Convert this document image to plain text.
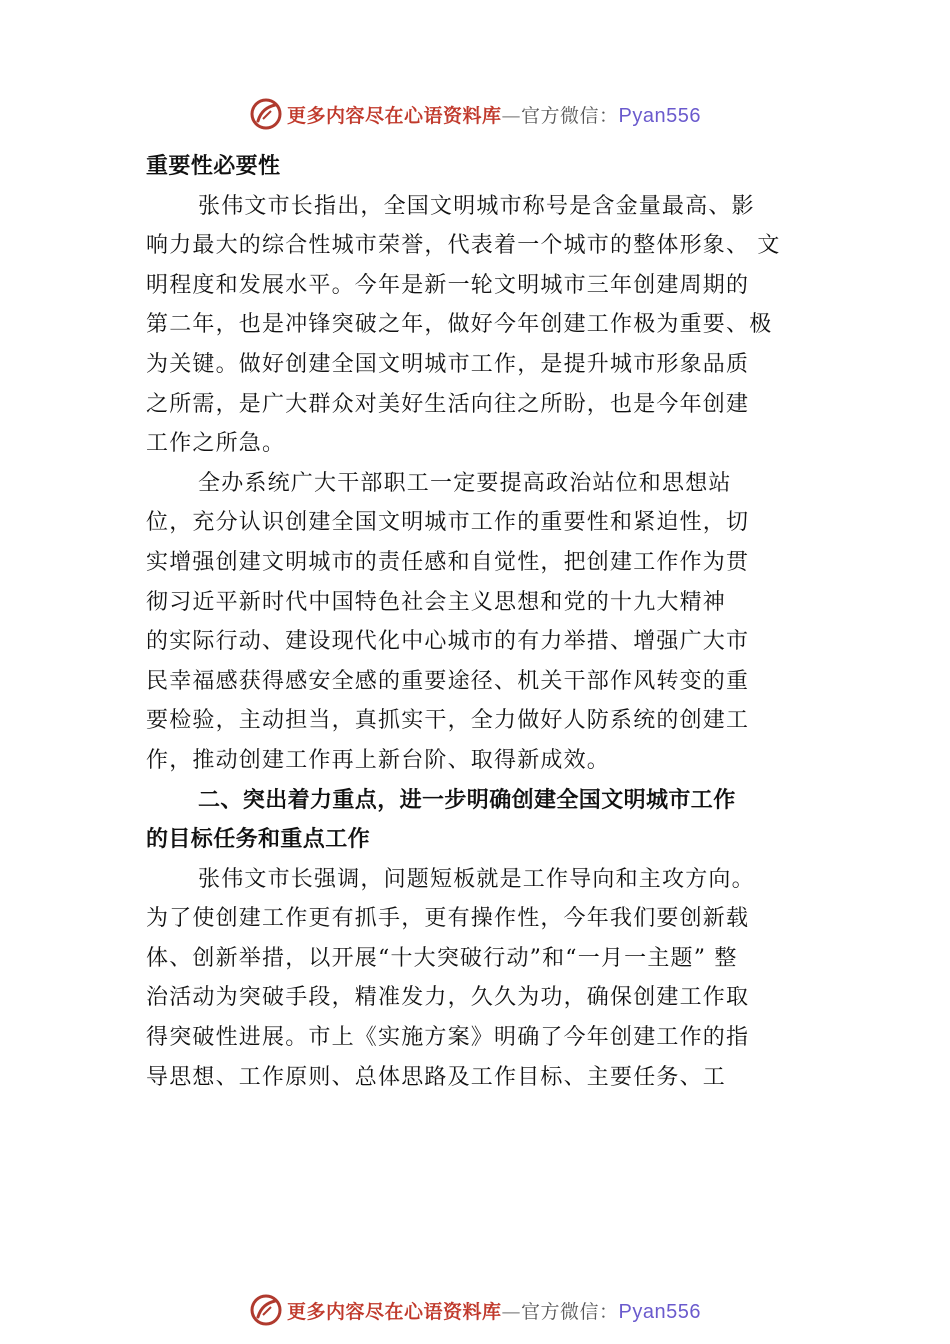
更多内容尽在心语资料库—官方微信：Pyan556
重要性必要性
张伟文市长指出，全国文明城市称号是含金量最高、影
响力最大的综合性城市荣誉，代表着一个城市的整体形象、 文
明程度和发展水平。今年是新一轮文明城市三年创建周期的
第二年，也是冲锋突破之年，做好今年创建工作极为重要、极
为关键。做好创建全国文明城市工作，是提升城市形象品质
之所需，是广大群众对美好生活向往之所盼，也是今年创建
工作之所急。
全办系统广大干部职工一定要提高政治站位和思想站
位，充分认识创建全国文明城市工作的重要性和紧迫性，切
实增强创建文明城市的责任感和自觉性，把创建工作作为贯
彻习近平新时代中国特色社会主义思想和党的十九大精神
的实际行动、建设现代化中心城市的有力举措、增强广大市
民幸福感获得感安全感的重要途径、机关干部作风转变的重
要检验，主动担当，真抓实干，全力做好人防系统的创建工
作，推动创建工作再上新台阶、取得新成效。
二、突出着力重点，进一步明确创建全国文明城市工作
的目标任务和重点工作
张伟文市长强调，问题短板就是工作导向和主攻方向。
为了使创建工作更有抓手，更有操作性，今年我们要创新载
体、创新举措，以开展“十大突破行动”和“一月一主题” 整
治活动为突破手段，精准发力，久久为功，确保创建工作取
得突破性进展。市上《实施方案》明确了今年创建工作的指
导思想、工作原则、总体思路及工作目标、主要任务、工
更多内容尽在心语资料库—官方微信：Pyan556
